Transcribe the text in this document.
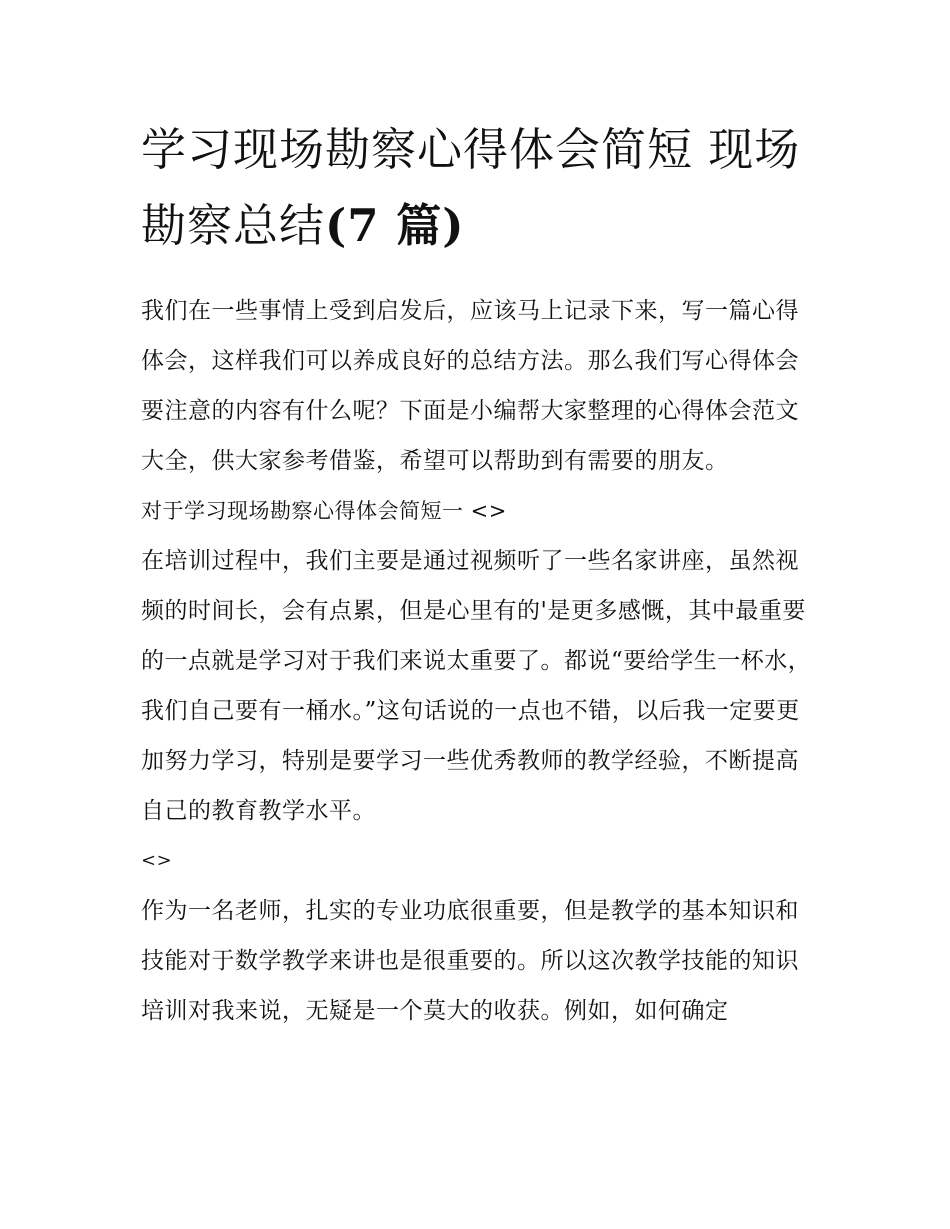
学习现场勘察心得体会简短 现场勘察总结(7 篇)

我们在一些事情上受到启发后，应该马上记录下来，写一篇心得体会，这样我们可以养成良好的总结方法。那么我们写心得体会要注意的内容有什么呢？下面是小编帮大家整理的心得体会范文大全，供大家参考借鉴，希望可以帮助到有需要的朋友。

对于学习现场勘察心得体会简短一 <>

在培训过程中，我们主要是通过视频听了一些名家讲座，虽然视频的时间长，会有点累，但是心里有的'是更多感慨，其中最重要的一点就是学习对于我们来说太重要了。都说“要给学生一杯水，我们自己要有一桶水。”这句话说的一点也不错，以后我一定要更加努力学习，特别是要学习一些优秀教师的教学经验，不断提高自己的教育教学水平。

<>

作为一名老师，扎实的专业功底很重要，但是教学的基本知识和技能对于数学教学来讲也是很重要的。所以这次教学技能的知识培训对我来说，无疑是一个莫大的收获。例如，如何确定
